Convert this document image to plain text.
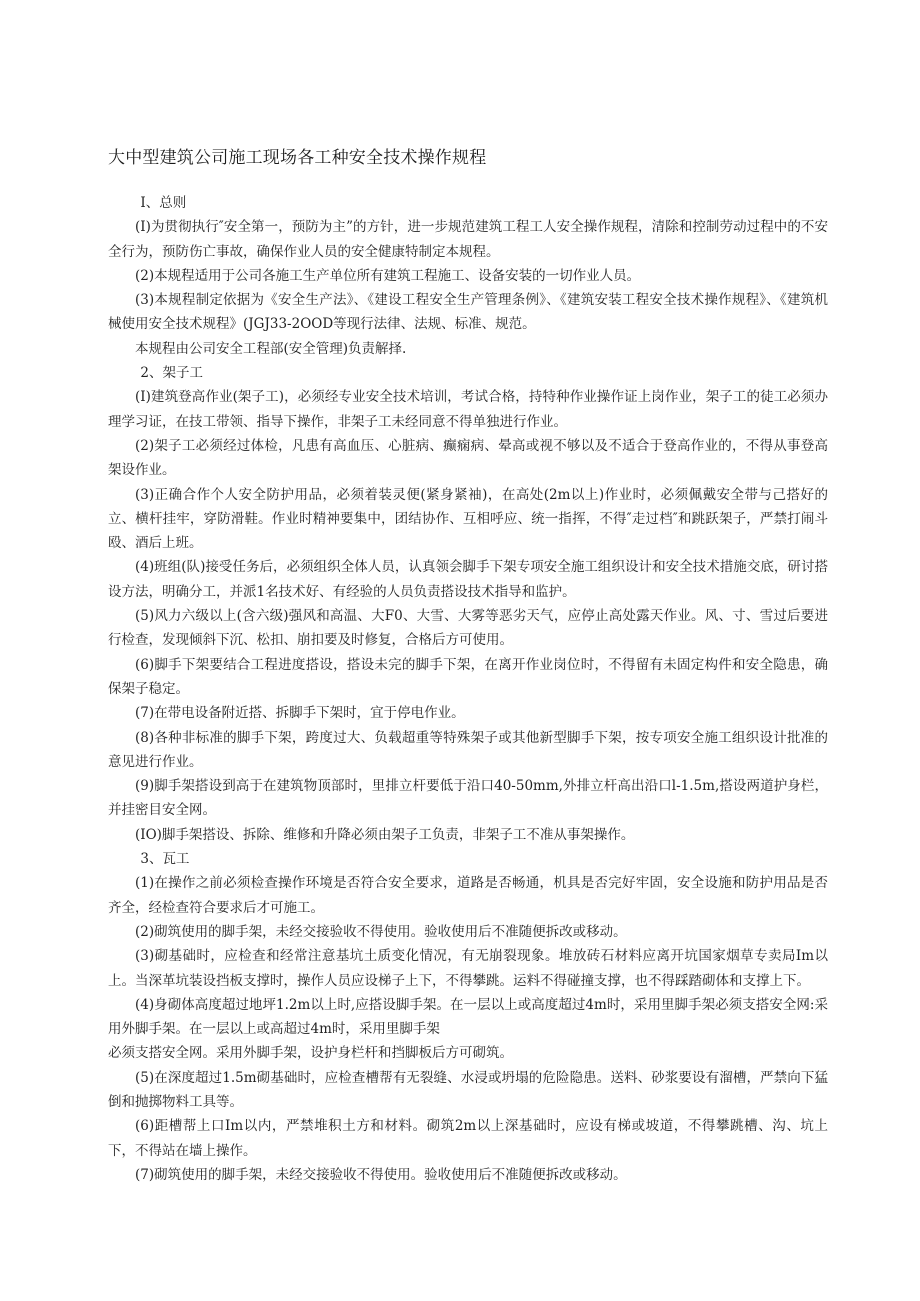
大中型建筑公司施工现场各工种安全技术操作规程

I、总则

(I)为贯彻执行″安全第一，预防为主”的方针，进一步规范建筑工程工人安全操作规程，清除和控制劳动过程中的不安全行为，预防伤亡事故，确保作业人员的安全健康特制定本规程。

(2)本规程适用于公司各施工生产单位所有建筑工程施工、设备安装的一切作业人员。

(3)本规程制定依据为《安全生产法》、《建设工程安全生产管理条例》、《建筑安装工程安全技术操作规程》、《建筑机械使用安全技术规程》(JGJ33-2OOD等现行法律、法规、标准、规范。

本规程由公司安全工程部(安全管理)负责解择.

2、架子工

(I)建筑登高作业(架子工)，必须经专业安全技术培训，考试合格，持特种作业操作证上岗作业，架子工的徒工必须办理学习证，在技工带领、指导下操作，非架子工未经同意不得单独进行作业。

(2)架子工必须经过体检，凡患有高血压、心脏病、癫痫病、晕高或视不够以及不适合于登高作业的，不得从事登高架设作业。

(3)正确合作个人安全防护用品，必须着装灵便(紧身紧袖)，在高处(2m以上)作业时，必须佩戴安全带与己搭好的立、横杆挂牢，穿防滑鞋。作业时精神要集中，团结协作、互相呼应、统一指挥，不得″走过档″和跳跃架子，严禁打闹斗殴、酒后上班。

(4)班组(队)接受任务后，必须组织全体人员，认真领会脚手下架专项安全施工组织设计和安全技术措施交底，研讨搭设方法，明确分工，并派1名技术好、有经验的人员负责搭设技术指导和监护。

(5)风力六级以上(含六级)强风和高温、大F0、大雪、大雾等恶劣天气，应停止高处露天作业。风、寸、雪过后要进行检查，发现倾斜下沉、松扣、崩扣要及时修复，合格后方可使用。

(6)脚手下架要结合工程进度搭设，搭设未完的脚手下架，在离开作业岗位时，不得留有未固定构件和安全隐患，确保架子稳定。

(7)在带电设备附近搭、拆脚手下架时，宜于停电作业。

(8)各种非标准的脚手下架，跨度过大、负载超重等特殊架子或其他新型脚手下架，按专项安全施工组织设计批准的意见进行作业。

(9)脚手架搭设到高于在建筑物顶部时，里排立杆要低于沿口40-50mm,外排立杆高出沿口l-1.5m,搭设两道护身栏，并挂密目安全网。

(IO)脚手架搭设、拆除、维修和升降必须由架子工负责，非架子工不准从事架操作。

3、瓦工

(1)在操作之前必须检查操作环境是否符合安全要求，道路是否畅通，机具是否完好牢固，安全设施和防护用品是否齐全，经检查符合要求后才可施工。

(2)砌筑使用的脚手架，未经交接验收不得使用。验收使用后不准随便拆改或移动。

(3)砌基础时，应检查和经常注意基坑土质变化情况，有无崩裂现象。堆放砖石材料应离开坑国家烟草专卖局Im以上。当深革坑装设挡板支撑时，操作人员应设梯子上下，不得攀跳。运料不得碰撞支撑，也不得踩踏砌体和支撑上下。

(4)身砌体高度超过地坪1.2m以上时,应搭设脚手架。在一层以上或高度超过4m时，采用里脚手架必须支搭安全网:采用外脚手架。在一层以上或高超过4m时，采用里脚手架

必须支搭安全网。采用外脚手架，设护身栏杆和挡脚板后方可砌筑。

(5)在深度超过1.5m砌基础时，应检查槽帮有无裂缝、水浸或坍塌的危险隐患。送料、砂浆要设有溜槽，严禁向下猛倒和抛掷物料工具等。

(6)距槽帮上口Im以内，严禁堆积土方和材料。砌筑2m以上深基础时，应设有梯或坡道，不得攀跳槽、沟、坑上下，不得站在墙上操作。

(7)砌筑使用的脚手架，未经交接验收不得使用。验收使用后不准随便拆改或移动。
